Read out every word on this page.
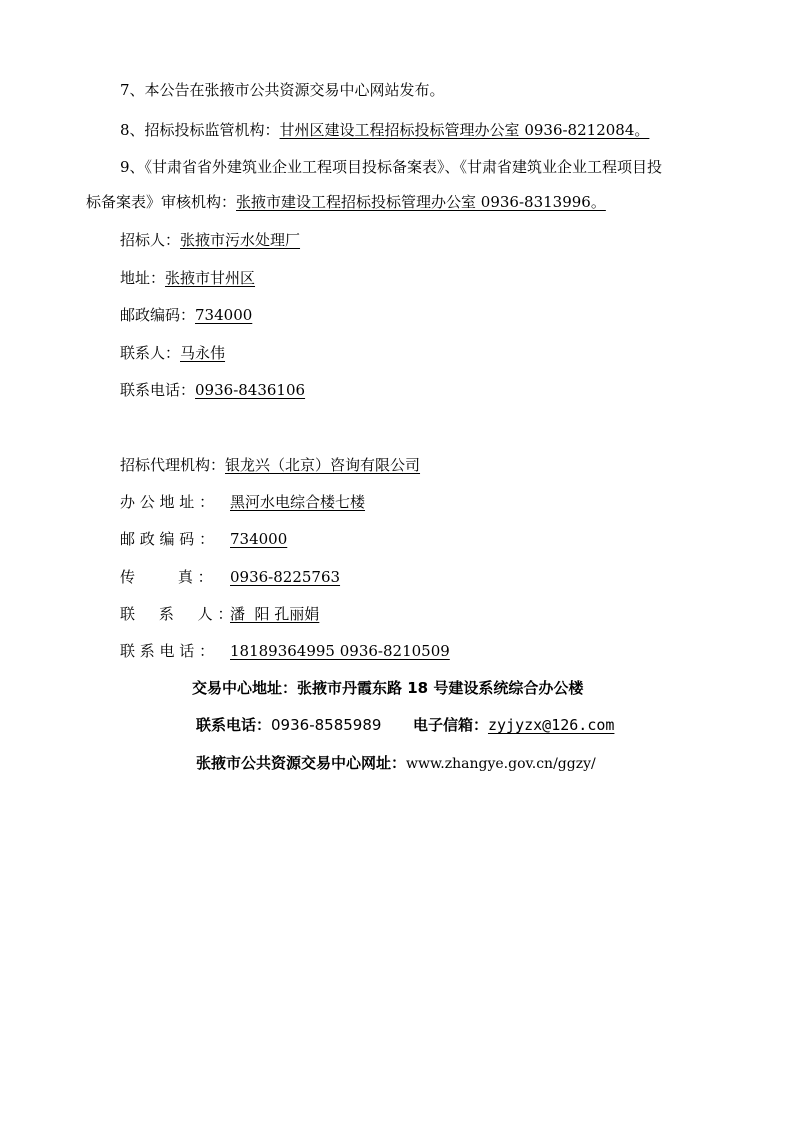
7、本公告在张掖市公共资源交易中心网站发布。
8、招标投标监管机构：甘州区建设工程招标投标管理办公室 0936-8212084。
9、《甘肃省省外建筑业企业工程项目投标备案表》、《甘肃省建筑业企业工程项目投
标备案表》审核机构：张掖市建设工程招标投标管理办公室 0936-8313996。
招标人：张掖市污水处理厂
地址：张掖市甘州区
邮政编码：734000
联系人：马永伟
联系电话：0936-8436106
招标代理机构：银龙兴（北京）咨询有限公司
办 公 地 址 ： 黑河水电综合楼七楼
邮 政 编 码 ： 734000
传         真 ： 0936-8225763
联     系     人 ：潘  阳 孔丽娟
联 系 电 话 ： 18189364995 0936-8210509
交易中心地址：张掖市丹霞东路 18 号建设系统综合办公楼
联系电话：0936-8585989 电子信箱：zyjyzx@126.com
张掖市公共资源交易中心网址：www.zhangye.gov.cn/ggzy/
